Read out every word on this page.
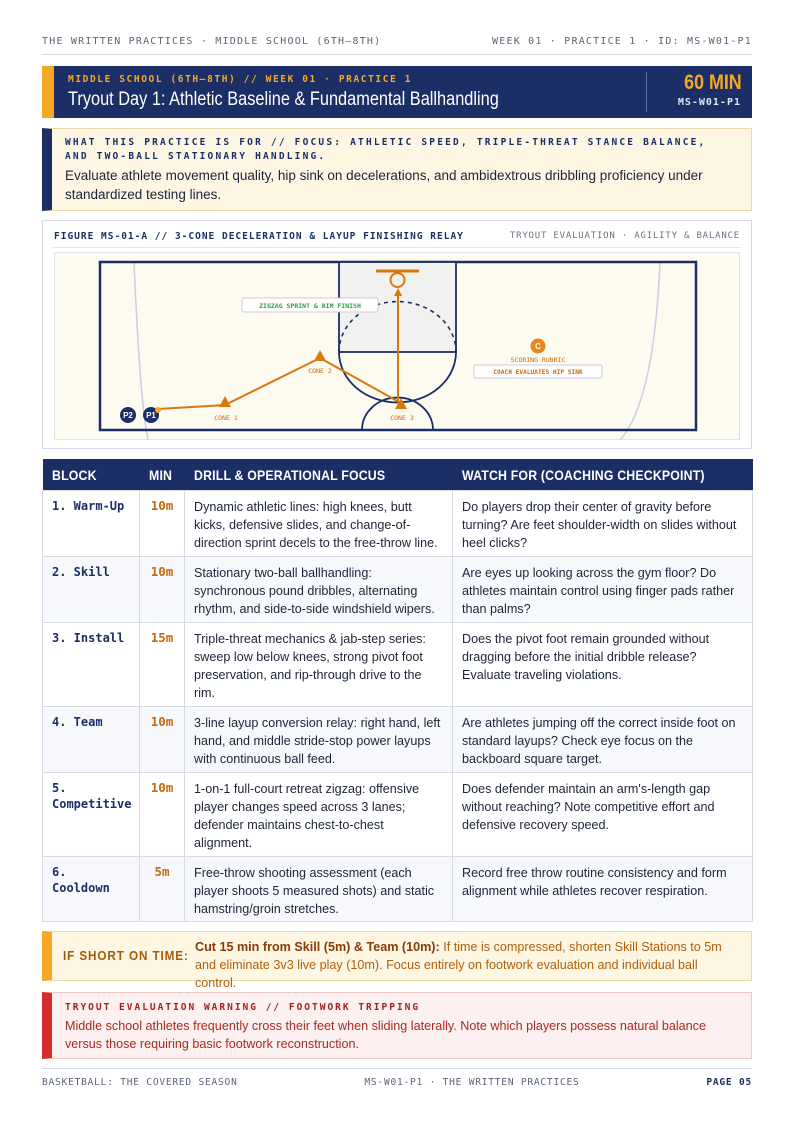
THE WRITTEN PRACTICES · MIDDLE SCHOOL (6TH–8TH)	WEEK 01 · PRACTICE 1 · ID: MS-W01-P1
MIDDLE SCHOOL (6TH–8TH) // WEEK 01 · PRACTICE 1
Tryout Day 1: Athletic Baseline & Fundamental Ballhandling
60 MIN
MS-W01-P1
WHAT THIS PRACTICE IS FOR // FOCUS: ATHLETIC SPEED, TRIPLE-THREAT STANCE BALANCE, AND TWO-BALL STATIONARY HANDLING.
Evaluate athlete movement quality, hip sink on decelerations, and ambidextrous dribbling proficiency under standardized testing lines.
FIGURE MS-01-A // 3-CONE DECELERATION & LAYUP FINISHING RELAY	TRYOUT EVALUATION · AGILITY & BALANCE
CONE 1
CONE 2
CONE 3
P2 P1
ZIGZAG SPRINT & RIM FINISH
C
SCORING RUBRIC
COACH EVALUATES HIP SINK
BLOCK	MIN	DRILL & OPERATIONAL FOCUS	WATCH FOR (COACHING CHECKPOINT)
1. Warm-Up	10m	Dynamic athletic lines: high knees, butt kicks, defensive slides, and change-of-direction sprint decels to the free-throw line.	Do players drop their center of gravity before turning? Are feet shoulder-width on slides without heel clicks?
2. Skill	10m	Stationary two-ball ballhandling: synchronous pound dribbles, alternating rhythm, and side-to-side windshield wipers.	Are eyes up looking across the gym floor? Do athletes maintain control using finger pads rather than palms?
3. Install	15m	Triple-threat mechanics & jab-step series: sweep low below knees, strong pivot foot preservation, and rip-through drive to the rim.	Does the pivot foot remain grounded without dragging before the initial dribble release? Evaluate traveling violations.
4. Team	10m	3-line layup conversion relay: right hand, left hand, and middle stride-stop power layups with continuous ball feed.	Are athletes jumping off the correct inside foot on standard layups? Check eye focus on the backboard square target.
5. Competitive	10m	1-on-1 full-court retreat zigzag: offensive player changes speed across 3 lanes; defender maintains chest-to-chest alignment.	Does defender maintain an arm's-length gap without reaching? Note competitive effort and defensive recovery speed.
6. Cooldown	5m	Free-throw shooting assessment (each player shoots 5 measured shots) and static hamstring/groin stretches.	Record free throw routine consistency and form alignment while athletes recover respiration.
IF SHORT ON TIME:
Cut 15 min from Skill (5m) & Team (10m): If time is compressed, shorten Skill Stations to 5m and eliminate 3v3 live play (10m). Focus entirely on footwork evaluation and individual ball control.
TRYOUT EVALUATION WARNING // FOOTWORK TRIPPING
Middle school athletes frequently cross their feet when sliding laterally. Note which players possess natural balance versus those requiring basic footwork reconstruction.
BASKETBALL: THE COVERED SEASON	MS-W01-P1 · THE WRITTEN PRACTICES	PAGE 05
